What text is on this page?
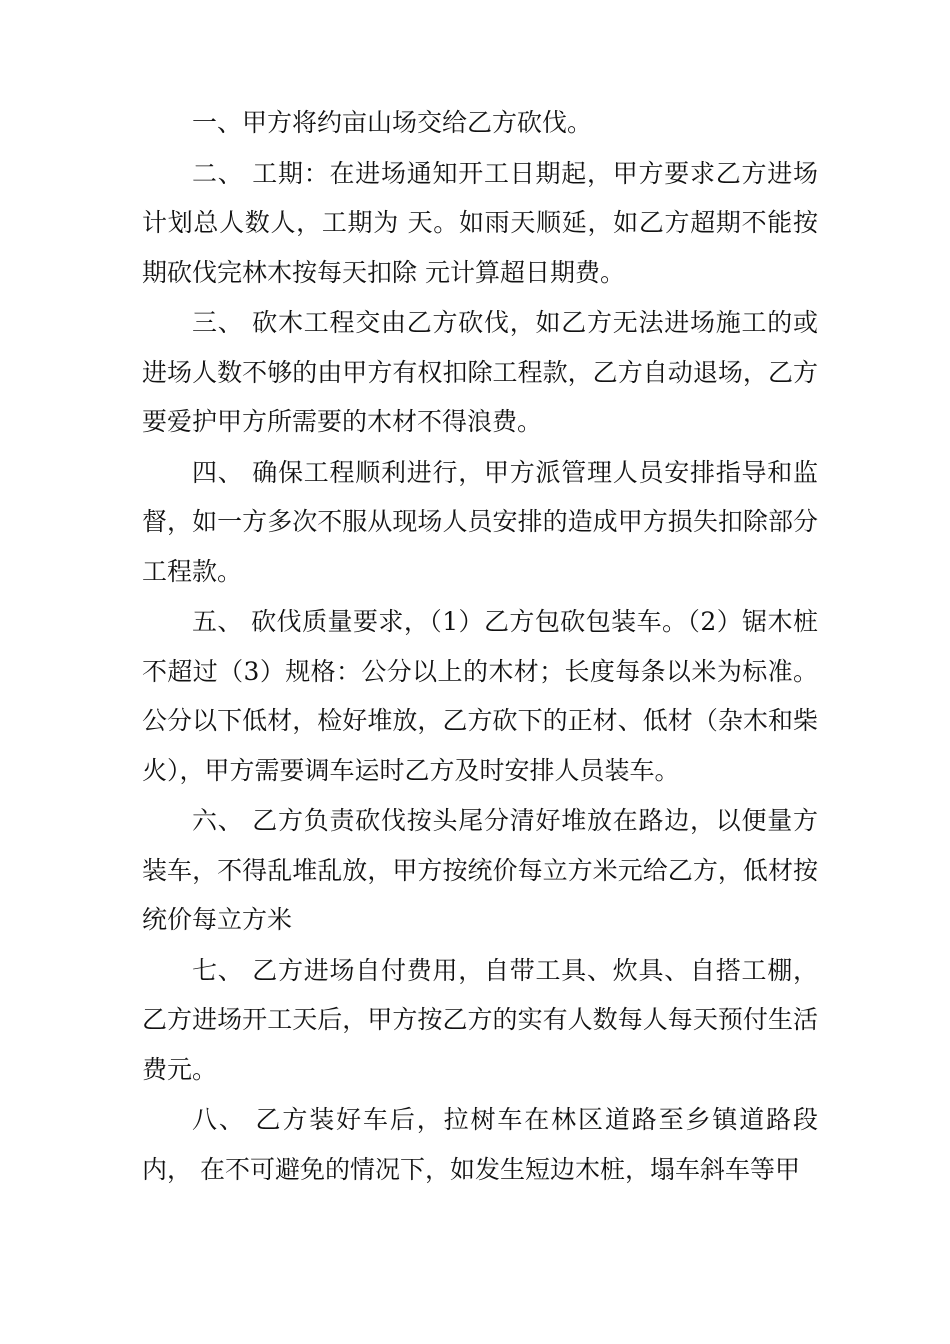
一、甲方将约亩山场交给乙方砍伐。

二、 工期：在进场通知开工日期起，甲方要求乙方进场计划总人数人，工期为 天。如雨天顺延，如乙方超期不能按期砍伐完林木按每天扣除 元计算超日期费。

三、 砍木工程交由乙方砍伐，如乙方无法进场施工的或进场人数不够的由甲方有权扣除工程款，乙方自动退场，乙方要爱护甲方所需要的木材不得浪费。

四、 确保工程顺利进行，甲方派管理人员安排指导和监督，如一方多次不服从现场人员安排的造成甲方损失扣除部分工程款。

五、 砍伐质量要求，（1）乙方包砍包装车。（2）锯木桩不超过（3）规格：公分以上的木材；长度每条以米为标准。公分以下低材，检好堆放，乙方砍下的正材、低材（杂木和柴火），甲方需要调车运时乙方及时安排人员装车。

六、 乙方负责砍伐按头尾分清好堆放在路边，以便量方装车，不得乱堆乱放，甲方按统价每立方米元给乙方，低材按统价每立方米

七、 乙方进场自付费用，自带工具、炊具、自搭工棚，乙方进场开工天后，甲方按乙方的实有人数每人每天预付生活费元。

八、 乙方装好车后，拉树车在林区道路至乡镇道路段内， 在不可避免的情况下，如发生短边木桩，塌车斜车等甲
